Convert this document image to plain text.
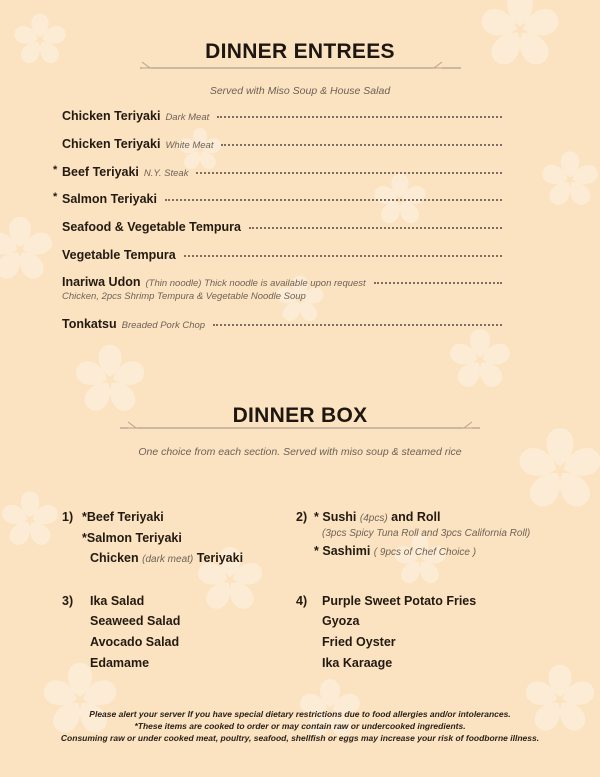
DINNER ENTREES
Served with Miso Soup & House Salad
Chicken Teriyaki Dark Meat
Chicken Teriyaki White Meat
* Beef Teriyaki N.Y. Steak
* Salmon Teriyaki
Seafood & Vegetable Tempura
Vegetable Tempura
Inariwa Udon (Thin noodle) Thick noodle is available upon request
Chicken, 2pcs Shrimp Tempura & Vegetable Noodle Soup
Tonkatsu Breaded Pork Chop
DINNER BOX
One choice from each section. Served with miso soup & steamed rice
1) *Beef Teriyaki
*Salmon Teriyaki
Chicken (dark meat) Teriyaki
2) * Sushi (4pcs) and Roll
(3pcs Spicy Tuna Roll and 3pcs California Roll)
* Sashimi ( 9pcs of Chef Choice )
3) Ika Salad
Seaweed Salad
Avocado Salad
Edamame
4) Purple Sweet Potato Fries
Gyoza
Fried Oyster
Ika Karaage
Please alert your server If you have special dietary restrictions due to food allergies and/or intolerances.
*These items are cooked to order or may contain raw or undercooked ingredients.
Consuming raw or under cooked meat, poultry, seafood, shellfish or eggs may increase your risk of foodborne illness.
